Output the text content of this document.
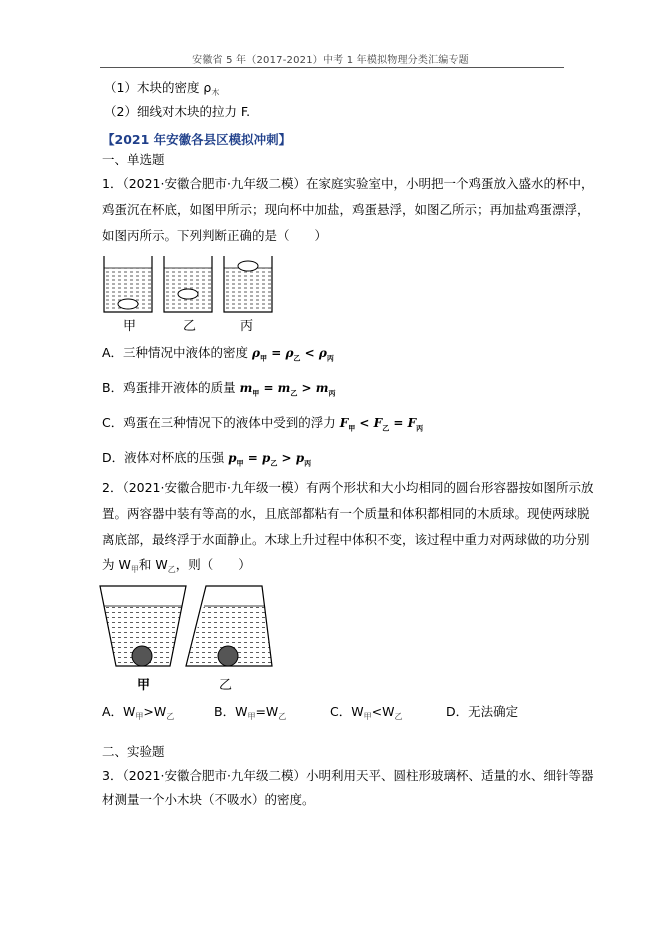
安徽省 5 年（2017-2021）中考 1 年模拟物理分类汇编专题
（1）木块的密度 $\rho_木$
（2）细线对木块的拉力 F.
【2021 年安徽各县区模拟冲刺】
一、单选题
1．（2021·安徽合肥市·九年级二模）在家庭实验室中，小明把一个鸡蛋放入盛水的杯中，
鸡蛋沉在杯底，如图甲所示；现向杯中加盐，鸡蛋悬浮，如图乙所示；再加盐鸡蛋漂浮，
如图丙所示。下列判断正确的是（　　）
甲	乙	丙
A．三种情况中液体的密度 $\rho_甲 = \rho_乙 < \rho_丙$
B．鸡蛋排开液体的质量 $m_甲 = m_乙 > m_丙$
C．鸡蛋在三种情况下的液体中受到的浮力 $F_甲 < F_乙 = F_丙$
D．液体对杯底的压强 $p_甲 = p_乙 > p_丙$
2．（2021·安徽合肥市·九年级一模）有两个形状和大小均相同的圆台形容器按如图所示放
置。两容器中装有等高的水，且底部都粘有一个质量和体积都相同的木质球。现使两球脱
离底部，最终浮于水面静止。木球上升过程中体积不变，该过程中重力对两球做的功分别
为 $W_甲$和 $W_乙$，则（　　）
甲	乙
A．$W_甲>W_乙$	B．$W_甲=W_乙$	C．$W_甲<W_乙$	D．无法确定
二、实验题
3．（2021·安徽合肥市·九年级二模）小明利用天平、圆柱形玻璃杯、适量的水、细针等器
材测量一个小木块（不吸水）的密度。
